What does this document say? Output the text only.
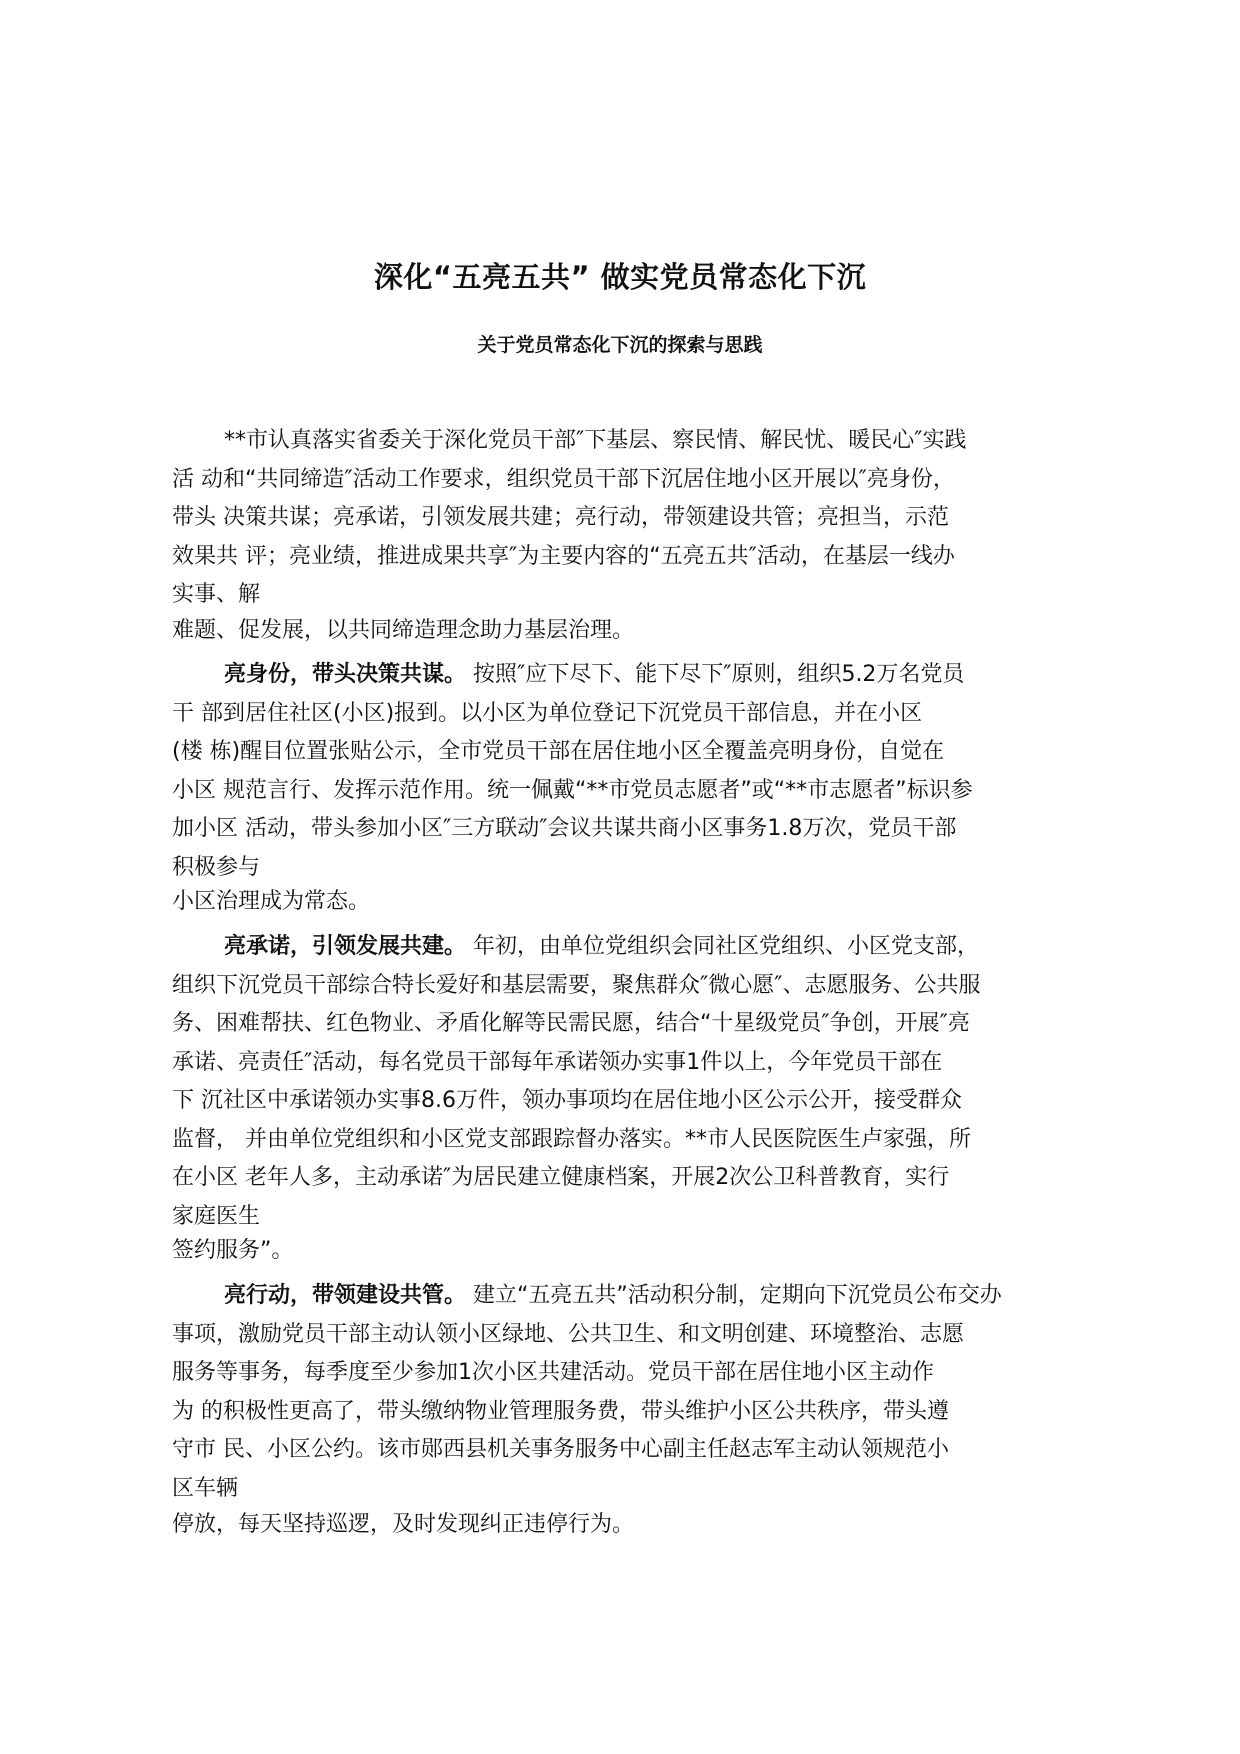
深化“五亮五共” 做实党员常态化下沉
关于党员常态化下沉的探索与思践
**市认真落实省委关于深化党员干部″下基层、察民情、解民忧、暖民心″实践
活 动和“共同缔造″活动工作要求，组织党员干部下沉居住地小区开展以″亮身份，
带头 决策共谋；亮承诺，引领发展共建；亮行动，带领建设共管；亮担当，示范
效果共 评；亮业绩，推进成果共享″为主要内容的“五亮五共″活动，在基层一线办
实事、解
难题、促发展，以共同缔造理念助力基层治理。
亮身份，带头决策共谋。 按照″应下尽下、能下尽下″原则，组织5.2万名党员
干 部到居住社区(小区)报到。以小区为单位登记下沉党员干部信息，并在小区
(楼 栋)醒目位置张贴公示，全市党员干部在居住地小区全覆盖亮明身份，自觉在
小区 规范言行、发挥示范作用。统一佩戴“**市党员志愿者”或“**市志愿者”标识参
加小区 活动，带头参加小区″三方联动″会议共谋共商小区事务1.8万次，党员干部
积极参与
小区治理成为常态。
亮承诺，引领发展共建。 年初，由单位党组织会同社区党组织、小区党支部，
组织下沉党员干部综合特长爱好和基层需要，聚焦群众″微心愿″、志愿服务、公共服
务、困难帮扶、红色物业、矛盾化解等民需民愿，结合“十星级党员″争创，开展″亮
承诺、亮责任″活动，每名党员干部每年承诺领办实事1件以上，今年党员干部在
下 沉社区中承诺领办实事8.6万件，领办事项均在居住地小区公示公开，接受群众
监督， 并由单位党组织和小区党支部跟踪督办落实。**市人民医院医生卢家强，所
在小区 老年人多，主动承诺″为居民建立健康档案，开展2次公卫科普教育，实行
家庭医生
签约服务”。
亮行动，带领建设共管。 建立“五亮五共”活动积分制，定期向下沉党员公布交办
事项，激励党员干部主动认领小区绿地、公共卫生、和文明创建、环境整治、志愿
服务等事务，每季度至少参加1次小区共建活动。党员干部在居住地小区主动作
为 的积极性更高了，带头缴纳物业管理服务费，带头维护小区公共秩序，带头遵
守市 民、小区公约。该市郧西县机关事务服务中心副主任赵志军主动认领规范小
区车辆
停放，每天坚持巡逻，及时发现纠正违停行为。
